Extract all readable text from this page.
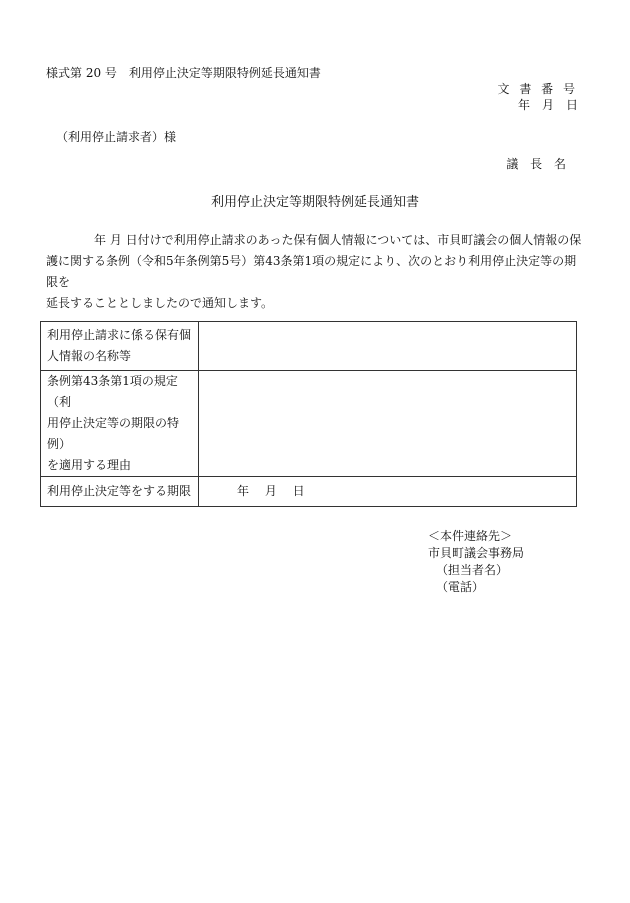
様式第 20 号　利用停止決定等期限特例延長通知書
文 書 番 号
年　月　日
（利用停止請求者）様
議 長 名
利用停止決定等期限特例延長通知書

年 月 日付けで利用停止請求のあった保有個人情報については、市貝町議会の個人情報の保

護に関する条例（令和5年条例第5号）第43条第1項の規定により、次のとおり利用停止決定等の期限を

延長することとしましたので通知します。

利用停止請求に係る保有個
人情報の名称等	

条例第43条第1項の規定（利
用停止決定等の期限の特例）
を適用する理由	

利用停止決定等をする期限	年　 月　 日
＜本件連絡先＞
市貝町議会事務局
（担当者名）
（電話）
